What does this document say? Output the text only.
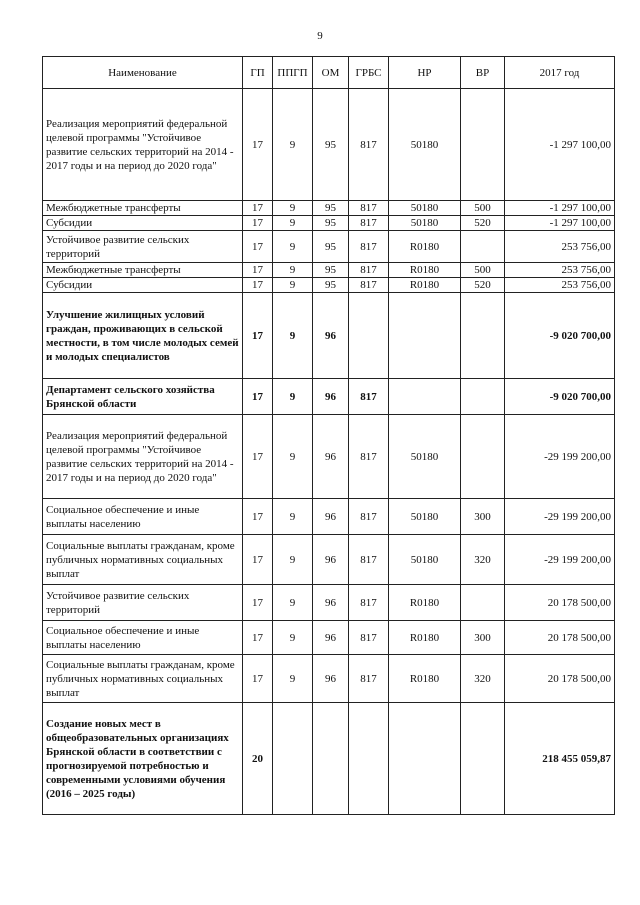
9
Наименование	ГП	ППГП	ОМ	ГРБС	НР	ВР	2017 год
Реализация мероприятий федеральной целевой программы "Устойчивое развитие сельских территорий на 2014 - 2017 годы и на период до 2020 года"	17	9	95	817	50180		-1 297 100,00
Межбюджетные трансферты	17	9	95	817	50180	500	-1 297 100,00
Субсидии	17	9	95	817	50180	520	-1 297 100,00
Устойчивое развитие сельских территорий	17	9	95	817	R0180		253 756,00
Межбюджетные трансферты	17	9	95	817	R0180	500	253 756,00
Субсидии	17	9	95	817	R0180	520	253 756,00
Улучшение жилищных условий граждан, проживающих в сельской местности, в том числе молодых семей и молодых специалистов	17	9	96				-9 020 700,00
Департамент сельского хозяйства Брянской области	17	9	96	817			-9 020 700,00
Реализация мероприятий федеральной целевой программы "Устойчивое развитие сельских территорий на 2014 - 2017 годы и на период до 2020 года"	17	9	96	817	50180		-29 199 200,00
Социальное обеспечение и иные выплаты населению	17	9	96	817	50180	300	-29 199 200,00
Социальные выплаты гражданам, кроме публичных нормативных социальных выплат	17	9	96	817	50180	320	-29 199 200,00
Устойчивое развитие сельских территорий	17	9	96	817	R0180		20 178 500,00
Социальное обеспечение и иные выплаты населению	17	9	96	817	R0180	300	20 178 500,00
Социальные выплаты гражданам, кроме публичных нормативных социальных выплат	17	9	96	817	R0180	320	20 178 500,00
Создание новых мест в общеобразовательных организациях Брянской области в соответствии с прогнозируемой потребностью и современными условиями обучения (2016 – 2025 годы)	20						218 455 059,87
